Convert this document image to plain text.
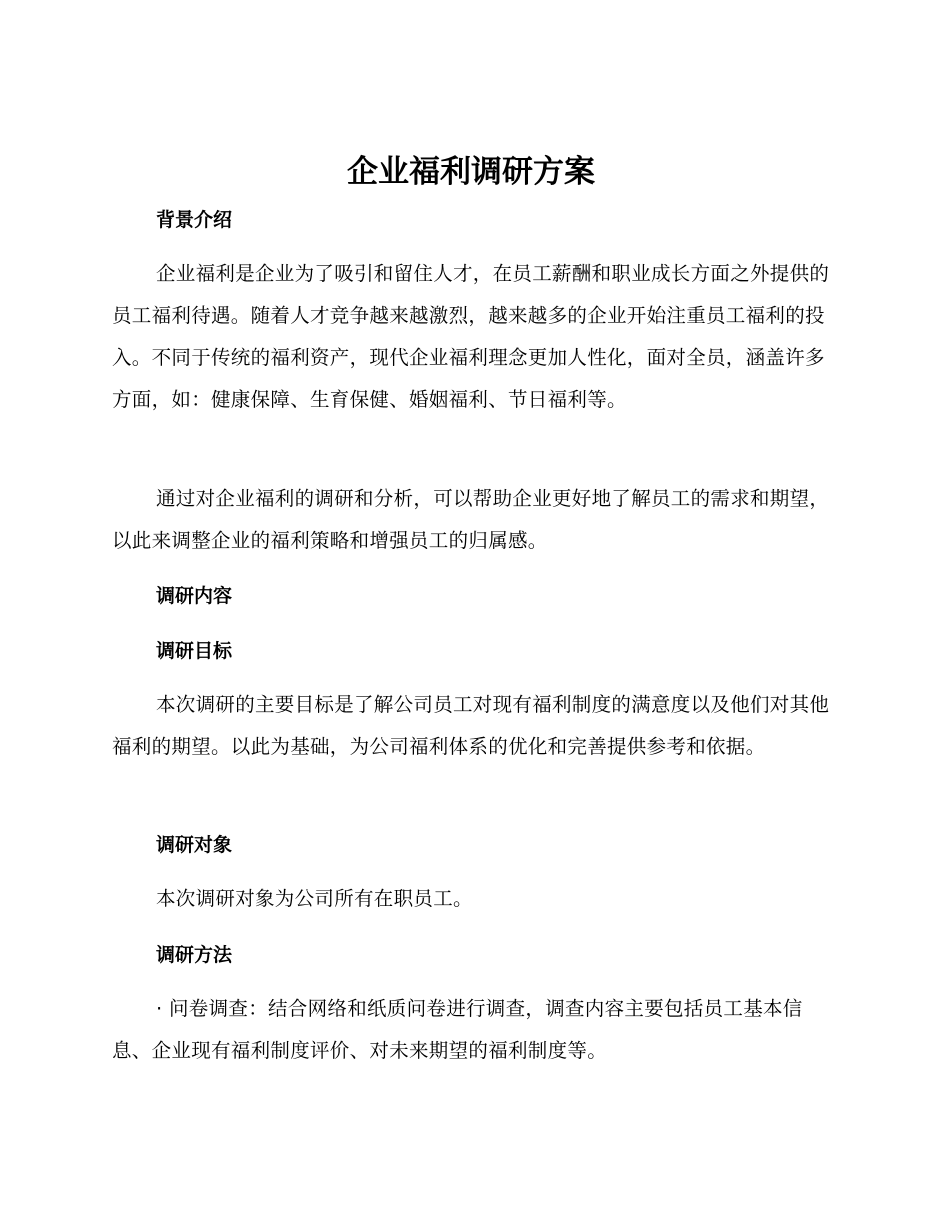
企业福利调研方案
背景介绍

企业福利是企业为了吸引和留住人才，在员工薪酬和职业成长方面之外提供的员工福利待遇。随着人才竞争越来越激烈，越来越多的企业开始注重员工福利的投入。不同于传统的福利资产，现代企业福利理念更加人性化，面对全员，涵盖许多方面，如：健康保障、生育保健、婚姻福利、节日福利等。

通过对企业福利的调研和分析，可以帮助企业更好地了解员工的需求和期望，以此来调整企业的福利策略和增强员工的归属感。

调研内容
调研目标

本次调研的主要目标是了解公司员工对现有福利制度的满意度以及他们对其他福利的期望。以此为基础，为公司福利体系的优化和完善提供参考和依据。

调研对象

本次调研对象为公司所有在职员工。

调研方法

· 问卷调查：结合网络和纸质问卷进行调查，调查内容主要包括员工基本信息、企业现有福利制度评价、对未来期望的福利制度等。
